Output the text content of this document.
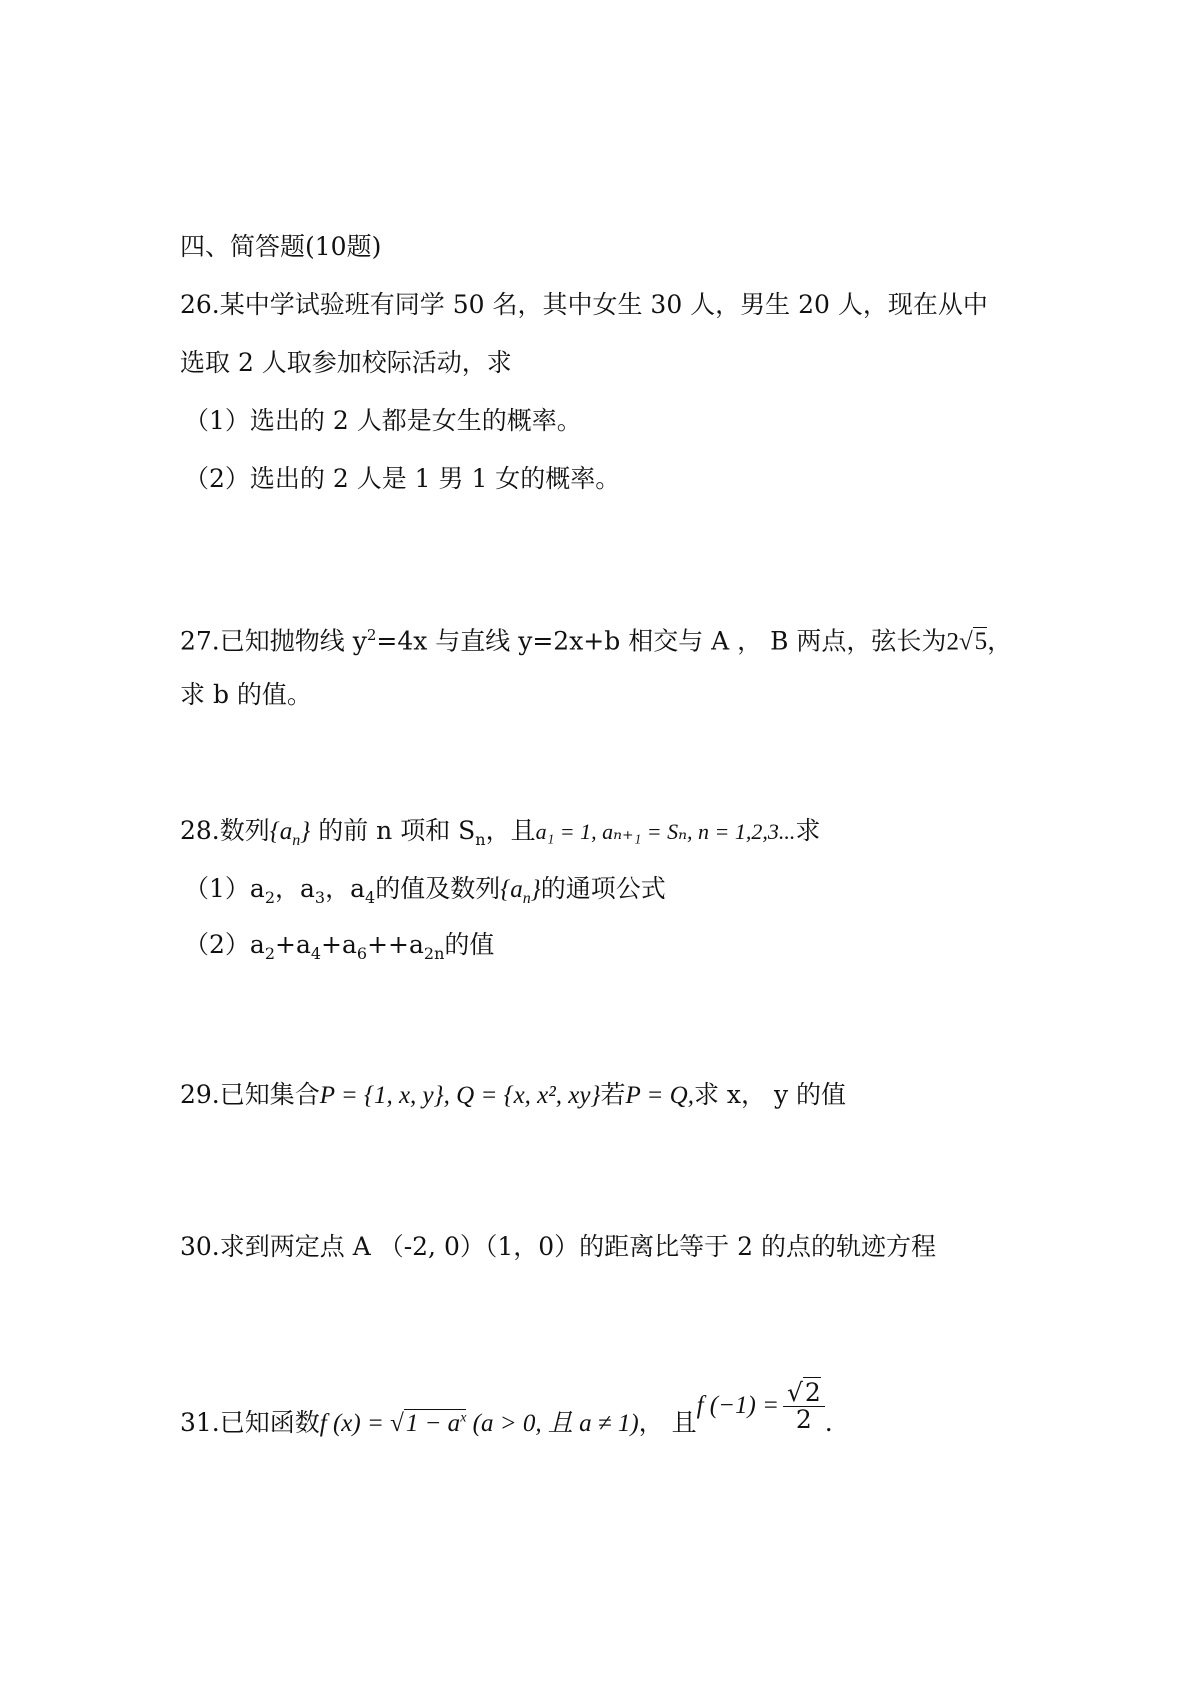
四、简答题(10题)
26.某中学试验班有同学 50 名，其中女生 30 人，男生 20 人，现在从中
选取 2 人取参加校际活动，求
（1）选出的 2 人都是女生的概率。
（2）选出的 2 人是 1 男 1 女的概率。
27.已知抛物线 $y^2=4x$ 与直线 y=2x+b 相交与 A ， B 两点，弦长为2√5，
求 b 的值。
28.数列$\{a_n\}$ 的前 n 项和 $S_n$，且a₁ = 1, aₙ₊₁ = Sₙ, n = 1,2,3...求
$(1)a_2$，$a_3$，$a_4$的值及数列$\{a_n\}$的通项公式
$(2)a_2+a_4+a_6++a_{2n}$的值
29.已知集合P = {1, x, y}, Q = {x, x², xy}若P = Q,求 x， y 的值
30.求到两定点 A （-2, 0）（1，0）的距离比等于 2 的点的轨迹方程
31.已知函数f $(x) = √1 - a^x$ (a > 0, 且 a ≠ 1)， 且f $(-1) = \frac{√2}{2}$ .
